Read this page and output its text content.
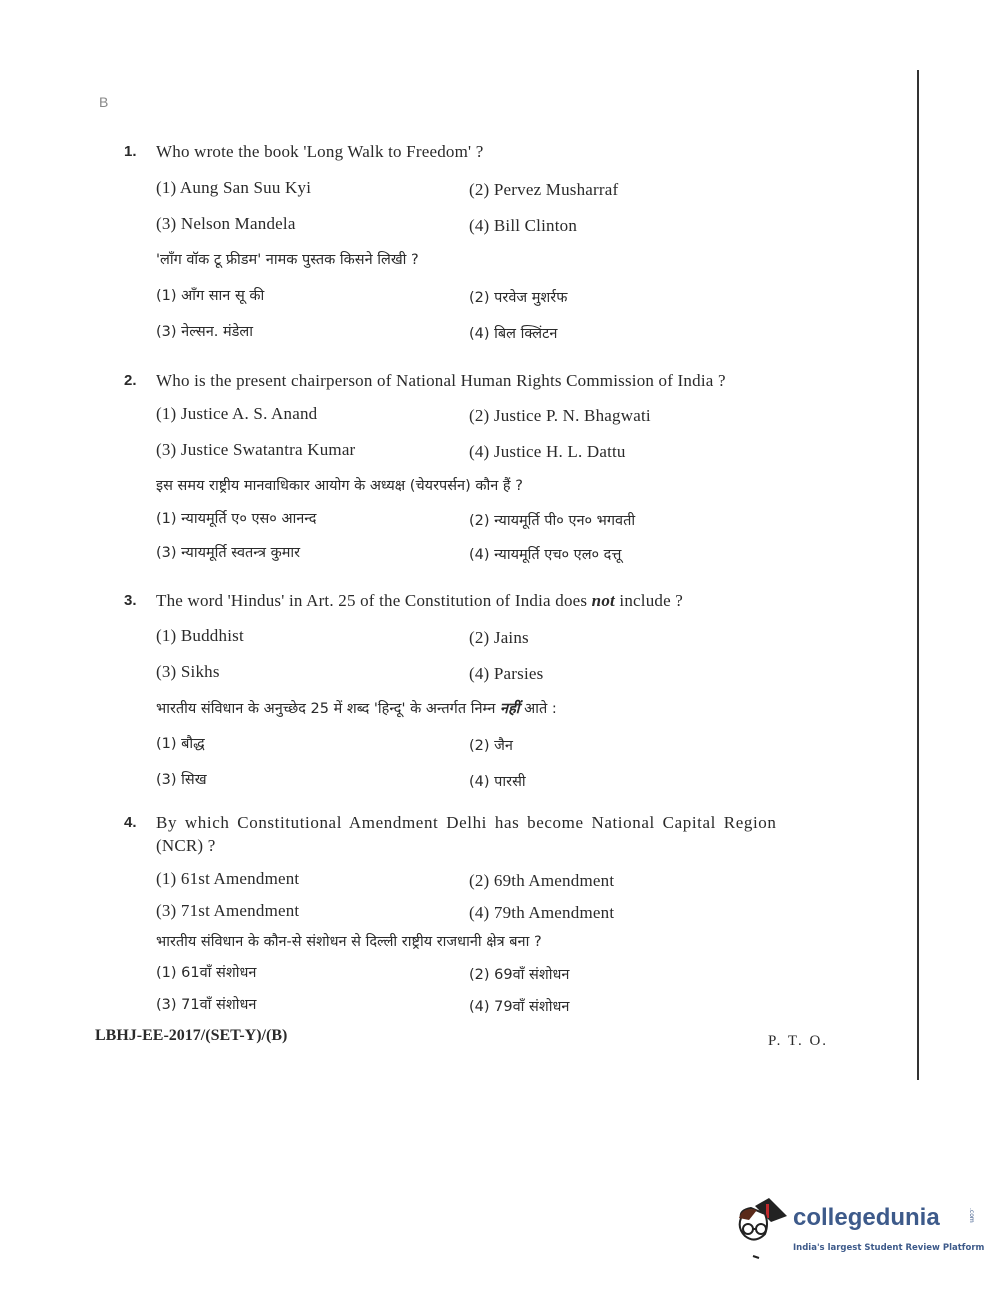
B
1. Who wrote the book 'Long Walk to Freedom' ?
(1) Aung San Suu Kyi	(2) Pervez Musharraf
(3) Nelson Mandela	(4) Bill Clinton
'लॉंग वॉक टू फ्रीडम' नामक पुस्तक किसने लिखी ?
(1) आँग सान सू की	(2) परवेज मुशर्रफ
(3) नेल्सन. मंडेला	(4) बिल क्लिंटन
2. Who is the present chairperson of National Human Rights Commission of India ?
(1) Justice A. S. Anand	(2) Justice P. N. Bhagwati
(3) Justice Swatantra Kumar	(4) Justice H. L. Dattu
इस समय राष्ट्रीय मानवाधिकार आयोग के अध्यक्ष (चेयरपर्सन) कौन हैं ?
(1) न्यायमूर्ति ए० एस० आनन्द	(2) न्यायमूर्ति पी० एन० भगवती
(3) न्यायमूर्ति स्वतन्त्र कुमार	(4) न्यायमूर्ति एच० एल० दत्तू
3. The word 'Hindus' in Art. 25 of the Constitution of India does not include ?
(1) Buddhist	(2) Jains
(3) Sikhs	(4) Parsies
भारतीय संविधान के अनुच्छेद 25 में शब्द 'हिन्दू' के अन्तर्गत निम्न नहीं आते :
(1) बौद्ध	(2) जैन
(3) सिख	(4) पारसी
4. By which Constitutional Amendment Delhi has become National Capital Region
(NCR) ?
(1) 61st Amendment	(2) 69th Amendment
(3) 71st Amendment	(4) 79th Amendment
भारतीय संविधान के कौन-से संशोधन से दिल्ली राष्ट्रीय राजधानी क्षेत्र बना ?
(1) 61वाँ संशोधन	(2) 69वाँ संशोधन
(3) 71वाँ संशोधन	(4) 79वाँ संशोधन
LBHJ-EE-2017/(SET-Y)/(B)	P. T. O.
collegedunia	.com
India's largest Student Review Platform
